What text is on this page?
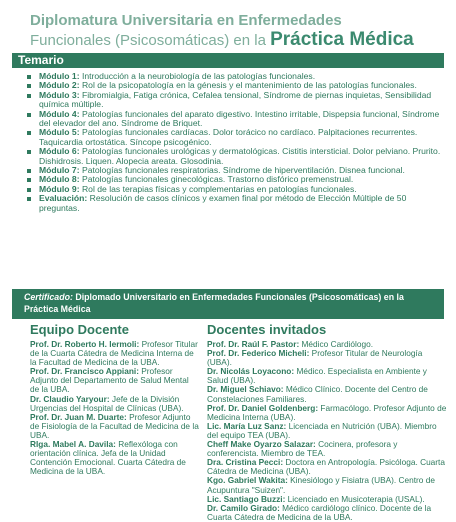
Diplomatura Universitaria en Enfermedades
Funcionales (Psicosomáticas) en la Práctica Médica
Temario
Módulo 1: Introducción a la neurobiología de las patologías funcionales.
Módulo 2: Rol de la psicopatología en la génesis y el mantenimiento de las patologías funcionales.
Módulo 3: Fibromialgia, Fatiga crónica, Cefalea tensional, Síndrome de piernas inquietas, Sensibilidad química múltiple.
Módulo 4: Patologías funcionales del aparato digestivo. Intestino irritable, Dispepsia funcional, Síndrome del elevador del ano. Síndrome de Briquet.
Módulo 5: Patologías funcionales cardíacas. Dolor torácico no cardíaco. Palpitaciones recurrentes. Taquicardia ortostática. Síncope psicogénico.
Módulo 6: Patologías funcionales urológicas y dermatológicas. Cistitis intersticial. Dolor pelviano. Prurito. Dishidrosis. Liquen. Alopecia areata. Glosodinia.
Módulo 7: Patologías funcionales respiratorias. Síndrome de hiperventilación. Disnea funcional.
Módulo 8: Patologías funcionales ginecológicas. Trastorno disfórico premenstrual.
Módulo 9: Rol de las terapias físicas y complementarias en patologías funcionales.
Evaluación: Resolución de casos clínicos y examen final por método de Elección Múltiple de 50 preguntas.
Certificado: Diplomado Universitario en Enfermedades Funcionales (Psicosomáticas) en la Práctica Médica
Equipo Docente
Prof. Dr. Roberto H. Iermoli: Profesor Titular de la Cuarta Cátedra de Medicina Interna de la Facultad de Medicina de la UBA.
Prof. Dr. Francisco Appiani: Profesor Adjunto del Departamento de Salud Mental de la UBA.
Dr. Claudio Yaryour: Jefe de la División Urgencias del Hospital de Clínicas (UBA).
Prof. Dr. Juan M. Duarte: Profesor Adjunto de Fisiología de la Facultad de Medicina de la UBA.
Rlga. Mabel A. Davila: Reflexóloga con orientación clínica. Jefa de la Unidad Contención Emocional. Cuarta Cátedra de Medicina de la UBA.
Docentes invitados
Prof. Dr. Raúl F. Pastor: Médico Cardiólogo.
Prof. Dr. Federico Micheli: Profesor Titular de Neurología (UBA).
Dr. Nicolás Loyacono: Médico. Especialista en Ambiente y Salud (UBA).
Dr. Miguel Schiavo: Médico Clínico. Docente del Centro de Constelaciones Familiares.
Prof. Dr. Daniel Goldenberg: Farmacólogo. Profesor Adjunto de Medicina Interna (UBA).
Lic. María Luz Sanz: Licenciada en Nutrición (UBA). Miembro del equipo TEA (UBA).
Cheff Make Oyarzo Salazar: Cocinera, profesora y conferencista. Miembro de TEA.
Dra. Cristina Pecci: Doctora en Antropología. Psicóloga. Cuarta Cátedra de Medicina (UBA).
Kgo. Gabriel Wakita: Kinesiólogo y Fisiatra (UBA). Centro de Acupuntura "Suizen".
Lic. Santiago Buzzi: Licenciado en Musicoterapia (USAL).
Dr. Camilo Girado: Médico cardiólogo clínico. Docente de la Cuarta Cátedra de Medicina de la UBA.
